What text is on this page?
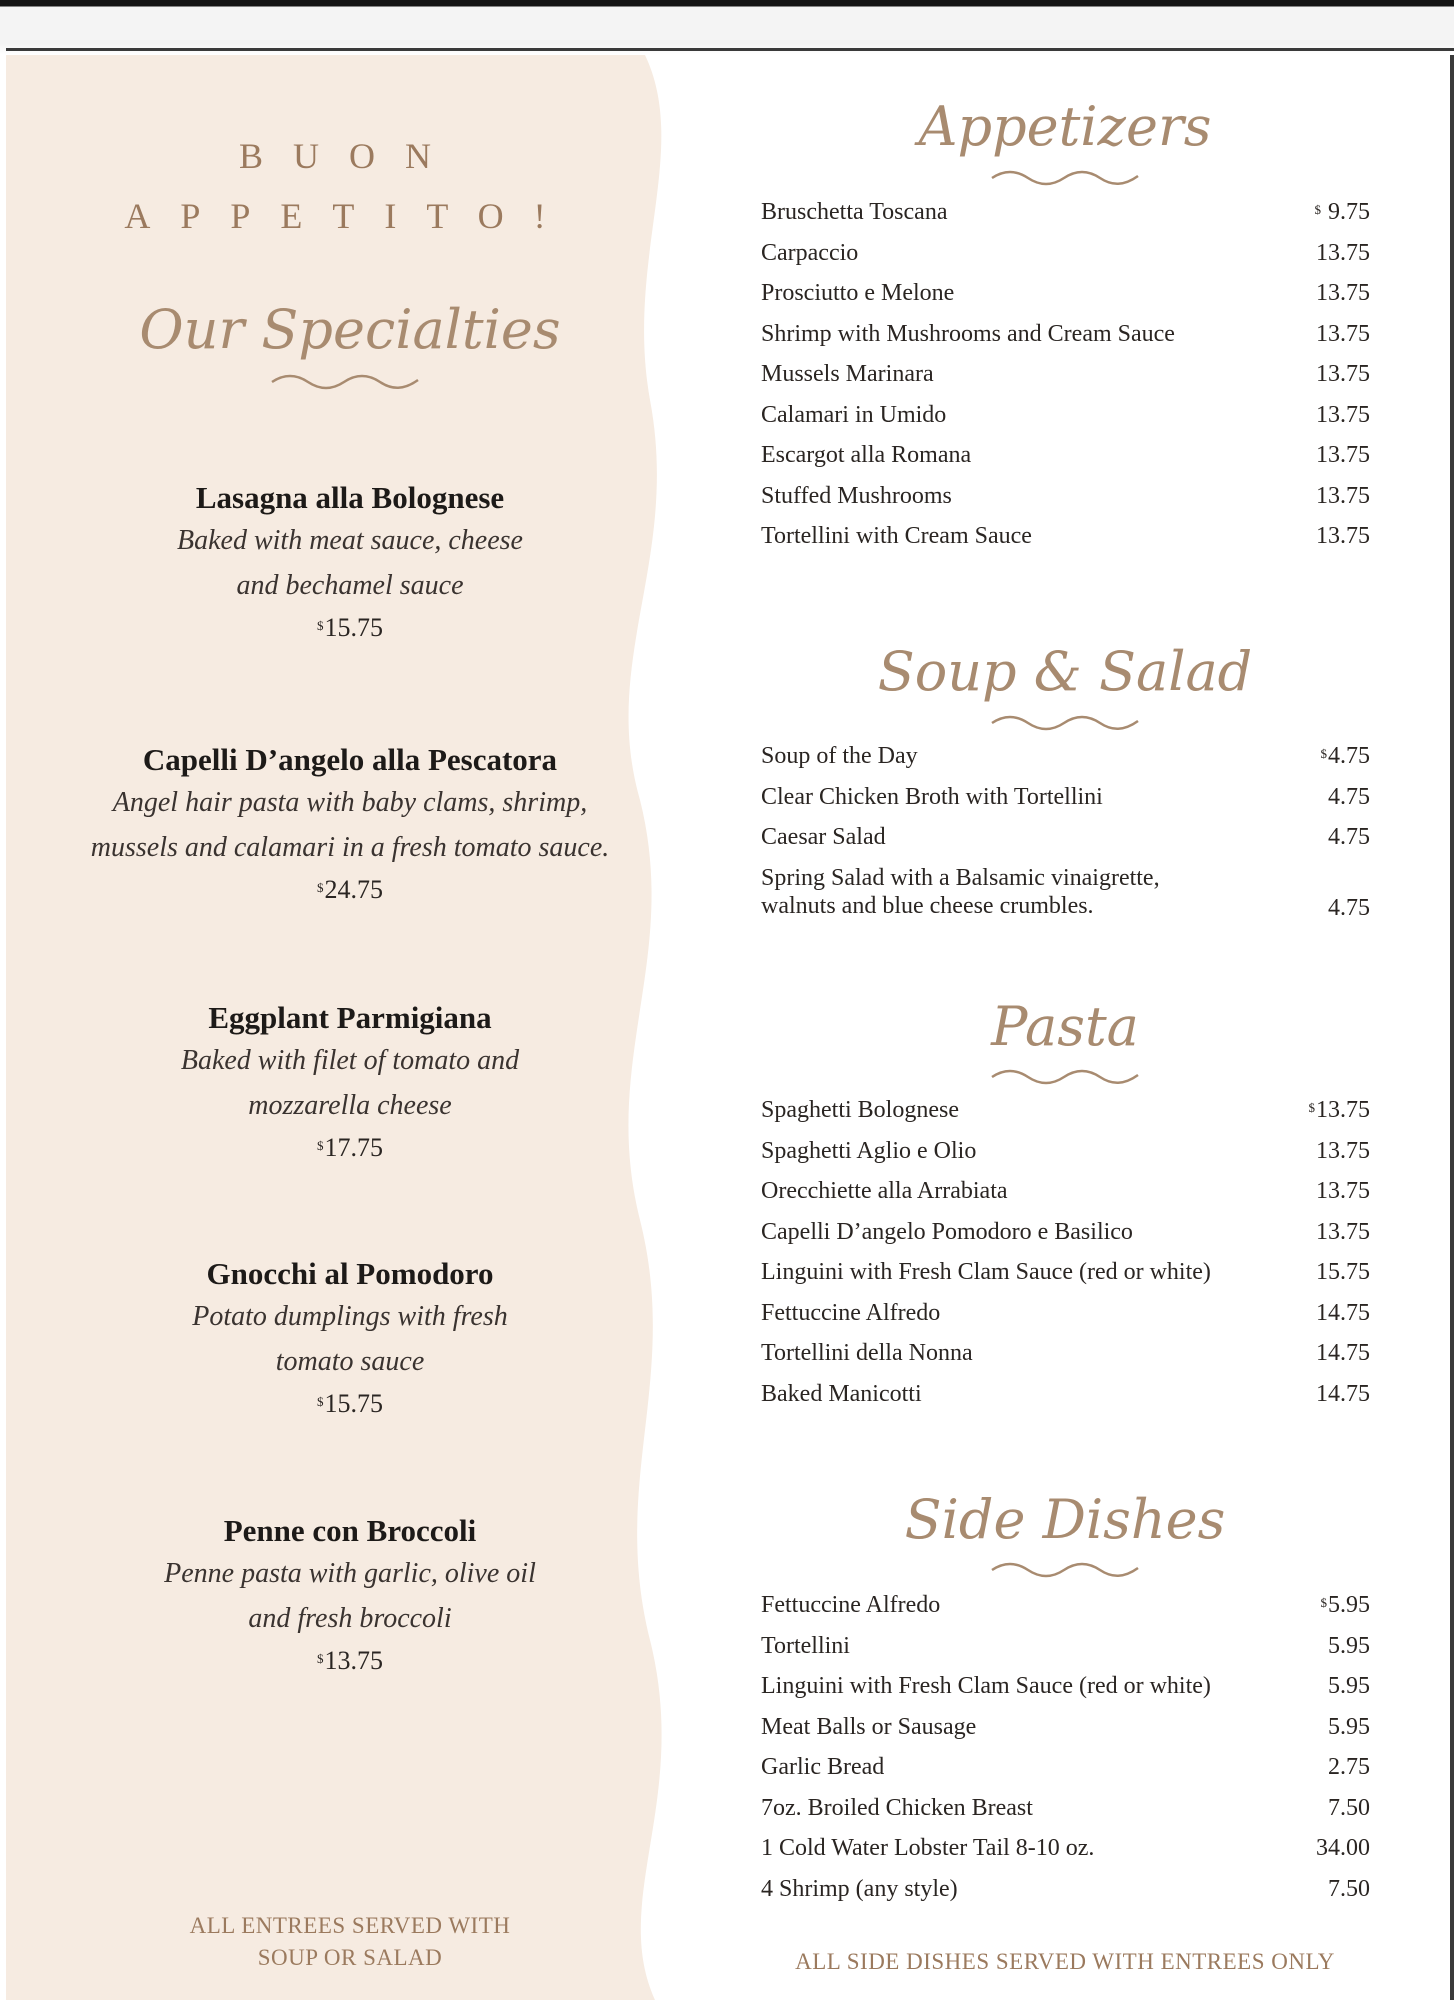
BUON
APPETITO!
Our Specialties
Lasagna alla Bolognese
Baked with meat sauce, cheese
and bechamel sauce
$15.75
Capelli D’angelo alla Pescatora
Angel hair pasta with baby clams, shrimp,
mussels and calamari in a fresh tomato sauce.
$24.75
Eggplant Parmigiana
Baked with filet of tomato and
mozzarella cheese
$17.75
Gnocchi al Pomodoro
Potato dumplings with fresh
tomato sauce
$15.75
Penne con Broccoli
Penne pasta with garlic, olive oil
and fresh broccoli
$13.75
ALL ENTREES SERVED WITH
SOUP OR SALAD
Appetizers
Bruschetta Toscana	$ 9.75
Carpaccio	13.75
Prosciutto e Melone	13.75
Shrimp with Mushrooms and Cream Sauce	13.75
Mussels Marinara	13.75
Calamari in Umido	13.75
Escargot alla Romana	13.75
Stuffed Mushrooms	13.75
Tortellini with Cream Sauce	13.75
Soup & Salad
Soup of the Day	$4.75
Clear Chicken Broth with Tortellini	4.75
Caesar Salad	4.75
Spring Salad with a Balsamic vinaigrette,
walnuts and blue cheese crumbles.	4.75
Pasta
Spaghetti Bolognese	$13.75
Spaghetti Aglio e Olio	13.75
Orecchiette alla Arrabiata	13.75
Capelli D’angelo Pomodoro e Basilico	13.75
Linguini with Fresh Clam Sauce (red or white)	15.75
Fettuccine Alfredo	14.75
Tortellini della Nonna	14.75
Baked Manicotti	14.75
Side Dishes
Fettuccine Alfredo	$5.95
Tortellini	5.95
Linguini with Fresh Clam Sauce (red or white)	5.95
Meat Balls or Sausage	5.95
Garlic Bread	2.75
7oz. Broiled Chicken Breast	7.50
1 Cold Water Lobster Tail 8-10 oz.	34.00
4 Shrimp (any style)	7.50
ALL SIDE DISHES SERVED WITH ENTREES ONLY
